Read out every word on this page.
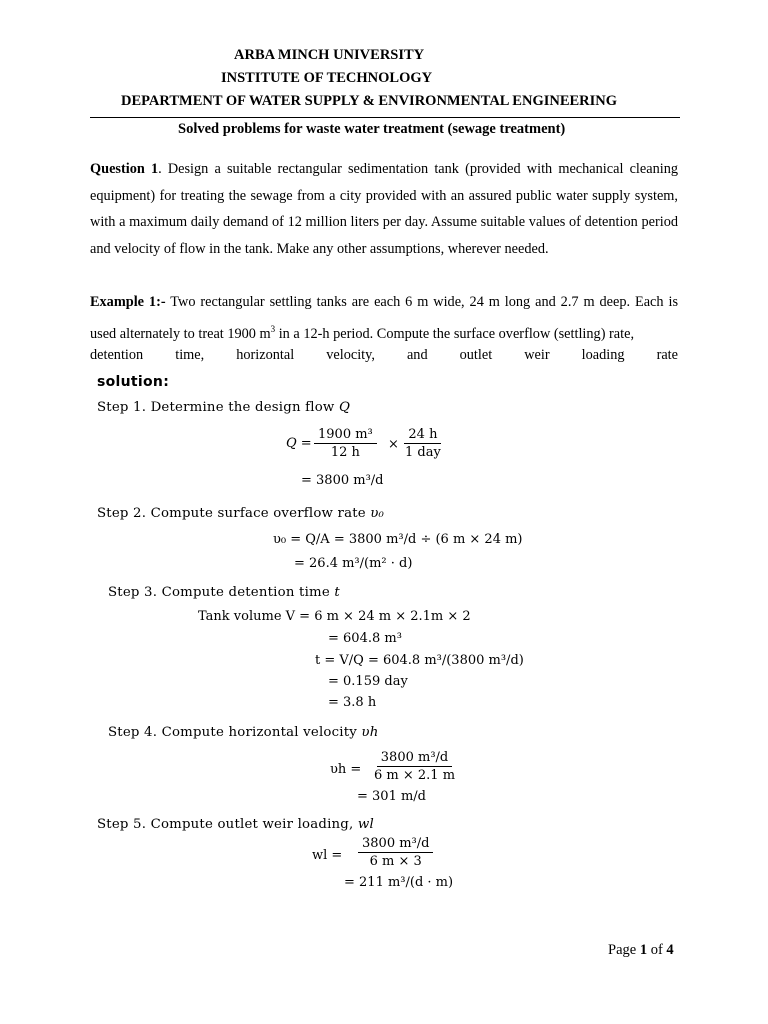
ARBA MINCH UNIVERSITY
INSTITUTE OF TECHNOLOGY
DEPARTMENT OF WATER SUPPLY & ENVIRONMENTAL ENGINEERING
Solved problems for waste water treatment (sewage treatment)
Question 1. Design a suitable rectangular sedimentation tank (provided with mechanical cleaning equipment) for treating the sewage from a city provided with an assured public water supply system, with a maximum daily demand of 12 million liters per day. Assume suitable values of detention period and velocity of flow in the tank. Make any other assumptions, wherever needed.
Example 1:- Two rectangular settling tanks are each 6 m wide, 24 m long and 2.7 m deep. Each is used alternately to treat 1900 $m^3$ in a 12-h period. Compute the surface overflow (settling) rate,
detention time, horizontal velocity, and outlet weir loading rate
solution:
Step 1. Determine the design flow Q
$Q = \frac{\text{1900 m³}}{12 h}$ ×
24 h
1 day
= 3800 m³/d
Step 2. Compute surface overflow rate υ₀
υ₀ = Q/A = 3800 m³/d ÷ (6 m × 24 m)
= 26.4 m³/(m² · d)
Step 3. Compute detention time t
Tank volume V = 6 m × 24 m × 2.1m × 2
= 604.8 m³
t = V/Q = 604.8 m³/(3800 m³/d)
= 0.159 day
= 3.8 h
Step 4. Compute horizontal velocity υh
$\upsilon h = \frac{\text{3800 m³/d}}{6 m \times 2.1 m}$
= 301 m/d
Step 5. Compute outlet weir loading, wl
wl = $\frac{\text{3800 m³/d}}{6 m \times 3}$
= 211 m³/(d · m)
Page 1 of 4
